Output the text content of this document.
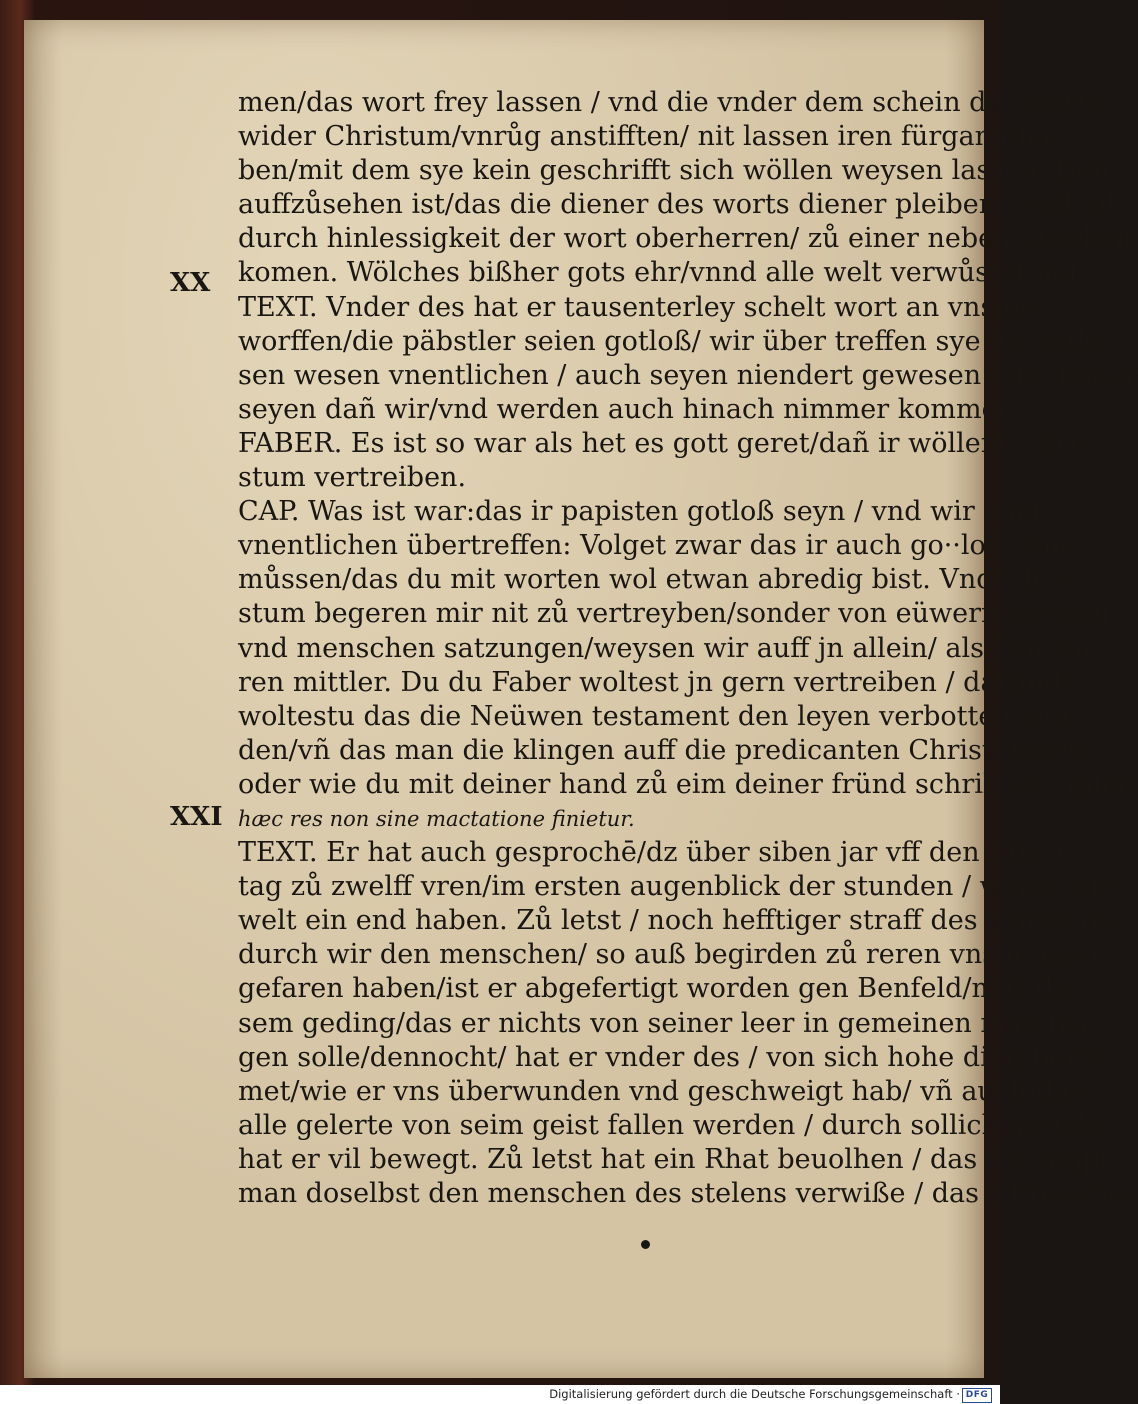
XX
XXI
men/das wort frey lassen / vnd die vnder dem schein des worts/
wider Christum/vnrůg anstifften/ nit lassen iren fürgang ha⸗
ben/mit dem sye kein geschrifft sich wöllen weysen lassen. Deñ
auffzůsehen ist/das die diener des worts diener pleiben / vnd nit
durch hinlessigkeit der wort oberherren/ zů einer neben oberkeit
komen. Wölches bißher gots ehr/vnnd alle welt verwůstet hat.
TEXT. Vnder des hat er tausenterley schelt wort an vns ge⸗
worffen/die päbstler seien gotloß/ wir über treffen sye im gotlo⸗
sen wesen vnentlichen / auch seyen niendert gewesen / die bößer
seyen dañ wir/vnd werden auch hinach nimmer kommen.
FABER. Es ist so war als het es gott geret/dañ ir wöllent Chri⸗
stum vertreiben.
CAP. Was ist war:das ir papisten gotloß seyn / vnd wir eüch
vnentlichen übertreffen: Volget zwar das ir auch go··loß sein
můssen/das du mit worten wol etwan abredig bist. Vnd Chri⸗
stum begeren mir nit zů vertreyben/sonder von eüwern messen
vnd menschen satzungen/weysen wir auff jn allein/ als den wa
ren mittler. Du du Faber woltest jn gern vertreiben / darumb
woltestu das die Neüwen testament den leyen verbotten wur⸗
den/vñ das man die klingen auff die predicanten Christi leget/
oder wie du mit deiner hand zů eim deiner fründ schribest / quod
hæc res non sine mactatione finietur.
TEXT. Er hat auch gesprochē/dz über siben jar vff den Vffart
tag zů zwelff vren/im ersten augenblick der stunden / werde die
welt ein end haben. Zů letst / noch hefftiger straff des worts/ da
durch wir den menschen/ so auß begirden zů reren vnsinnig/an
gefaren haben/ist er abgefertigt worden gen Benfeld/mitt di⸗
sem geding/das er nichts von seiner leer in gemeinen man tra⸗
gen solle/dennocht/ hat er vnder des / von sich hohe ding berie⸗
met/wie er vns überwunden vnd geschweigt hab/ vñ auch/das
alle gelerte von seim geist fallen werden / durch sollich gericht/
hat er vil bewegt. Zů letst hat ein Rhat beuolhen / das der ampt
man doselbst den menschen des stelens verwiße / das ist besche⸗
Digitalisierung gefördert durch die Deutsche Forschungsgemeinschaft · DFG
